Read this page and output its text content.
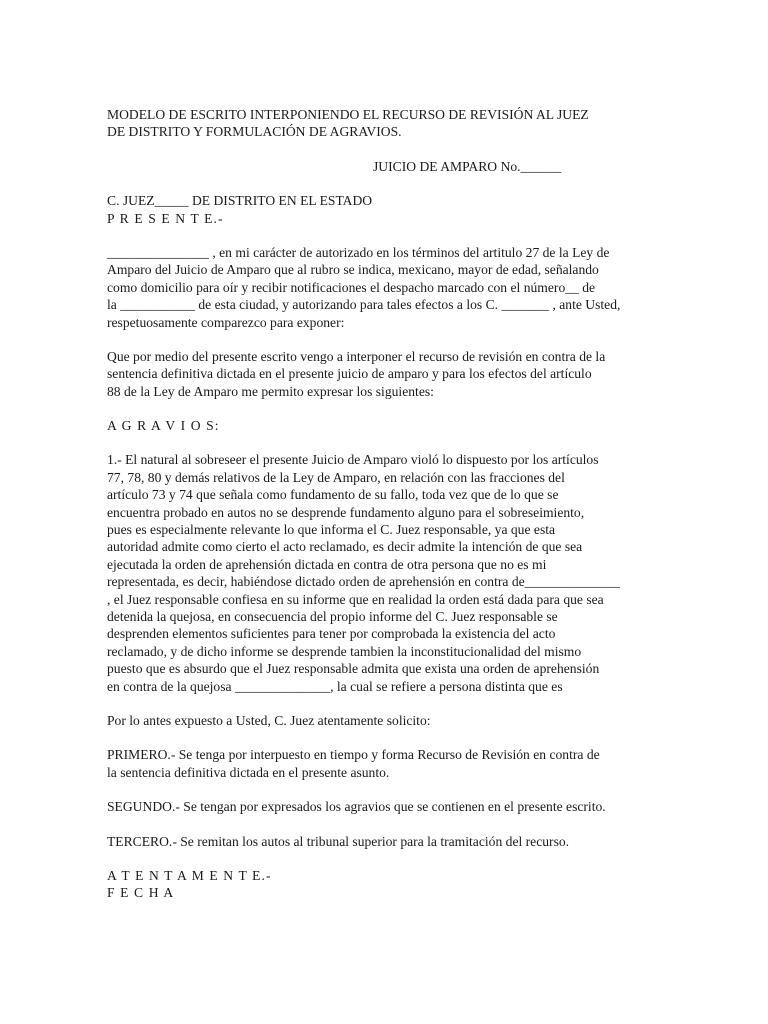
MODELO DE ESCRITO INTERPONIENDO EL RECURSO DE REVISIÓN AL JUEZ
DE DISTRITO Y FORMULACIÓN DE AGRAVIOS.
JUICIO DE AMPARO No.______
C. JUEZ_____ DE DISTRITO EN EL ESTADO
P R E S E N T E.-
_______________ , en mi carácter de autorizado en los términos del artitulo 27 de la Ley de
Amparo del Juicio de Amparo que al rubro se indica, mexicano, mayor de edad, señalando
como domicilio para oír y recibir notificaciones el despacho marcado con el número__ de
la ___________ de esta ciudad, y autorizando para tales efectos a los C. _______ , ante Usted,
respetuosamente comparezco para exponer:
Que por medio del presente escrito vengo a interponer el recurso de revisión en contra de la
sentencia definitiva dictada en el presente juicio de amparo y para los efectos del artículo
88 de la Ley de Amparo me permito expresar los siguientes:
A G R A V I O S:
1.- El natural al sobreseer el presente Juicio de Amparo violó lo dispuesto por los artículos
77, 78, 80 y demás relativos de la Ley de Amparo, en relación con las fracciones del
artículo 73 y 74 que señala como fundamento de su fallo, toda vez que de lo que se
encuentra probado en autos no se desprende fundamento alguno para el sobreseimiento,
pues es especialmente relevante lo que informa el C. Juez responsable, ya que esta
autoridad admite como cierto el acto reclamado, es decir admite la intención de que sea
ejecutada la orden de aprehensión dictada en contra de otra persona que no es mi
representada, es decir, habiéndose dictado orden de aprehensión en contra de______________
, el Juez responsable confiesa en su informe que en realidad la orden está dada para que sea
detenida la quejosa, en consecuencia del propio informe del C. Juez responsable se
desprenden elementos suficientes para tener por comprobada la existencia del acto
reclamado, y de dicho informe se desprende tambien la inconstitucionalidad del mismo
puesto que es absurdo que el Juez responsable admita que exista una orden de aprehensión
en contra de la quejosa ______________, la cual se refiere a persona distinta que es
Por lo antes expuesto a Usted, C. Juez atentamente solicito:
PRIMERO.- Se tenga por interpuesto en tiempo y forma Recurso de Revisión en contra de
la sentencia definitiva dictada en el presente asunto.
SEGUNDO.- Se tengan por expresados los agravios que se contienen en el presente escrito.
TERCERO.- Se remitan los autos al tribunal superior para la tramitación del recurso.
A T E N T A M E N T E.-
F E C H A
